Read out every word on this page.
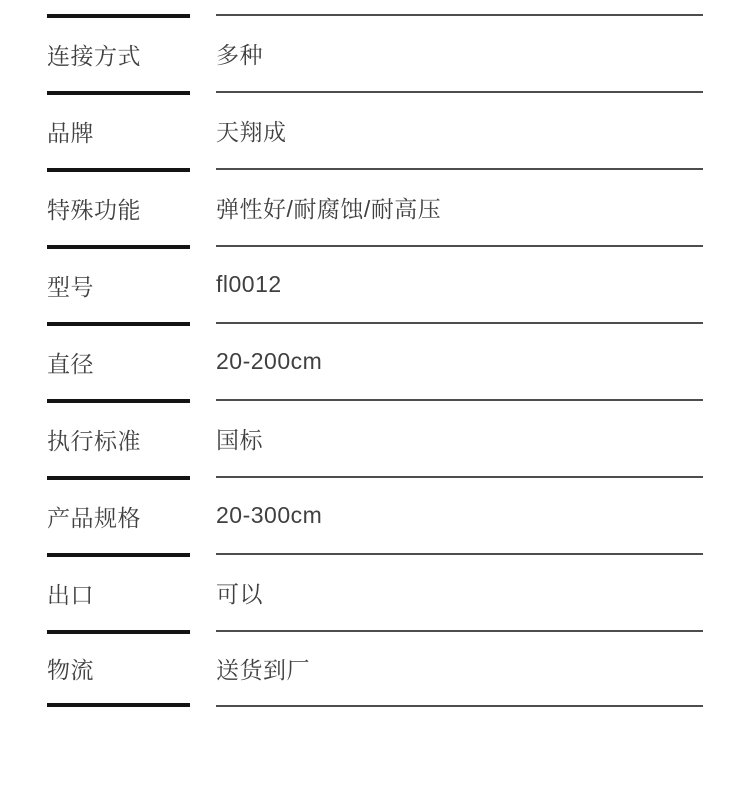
连接方式	多种
品牌	天翔成
特殊功能	弹性好/耐腐蚀/耐高压
型号	fl0012
直径	20-200cm
执行标准	国标
产品规格	20-300cm
出口	可以
物流	送货到厂
